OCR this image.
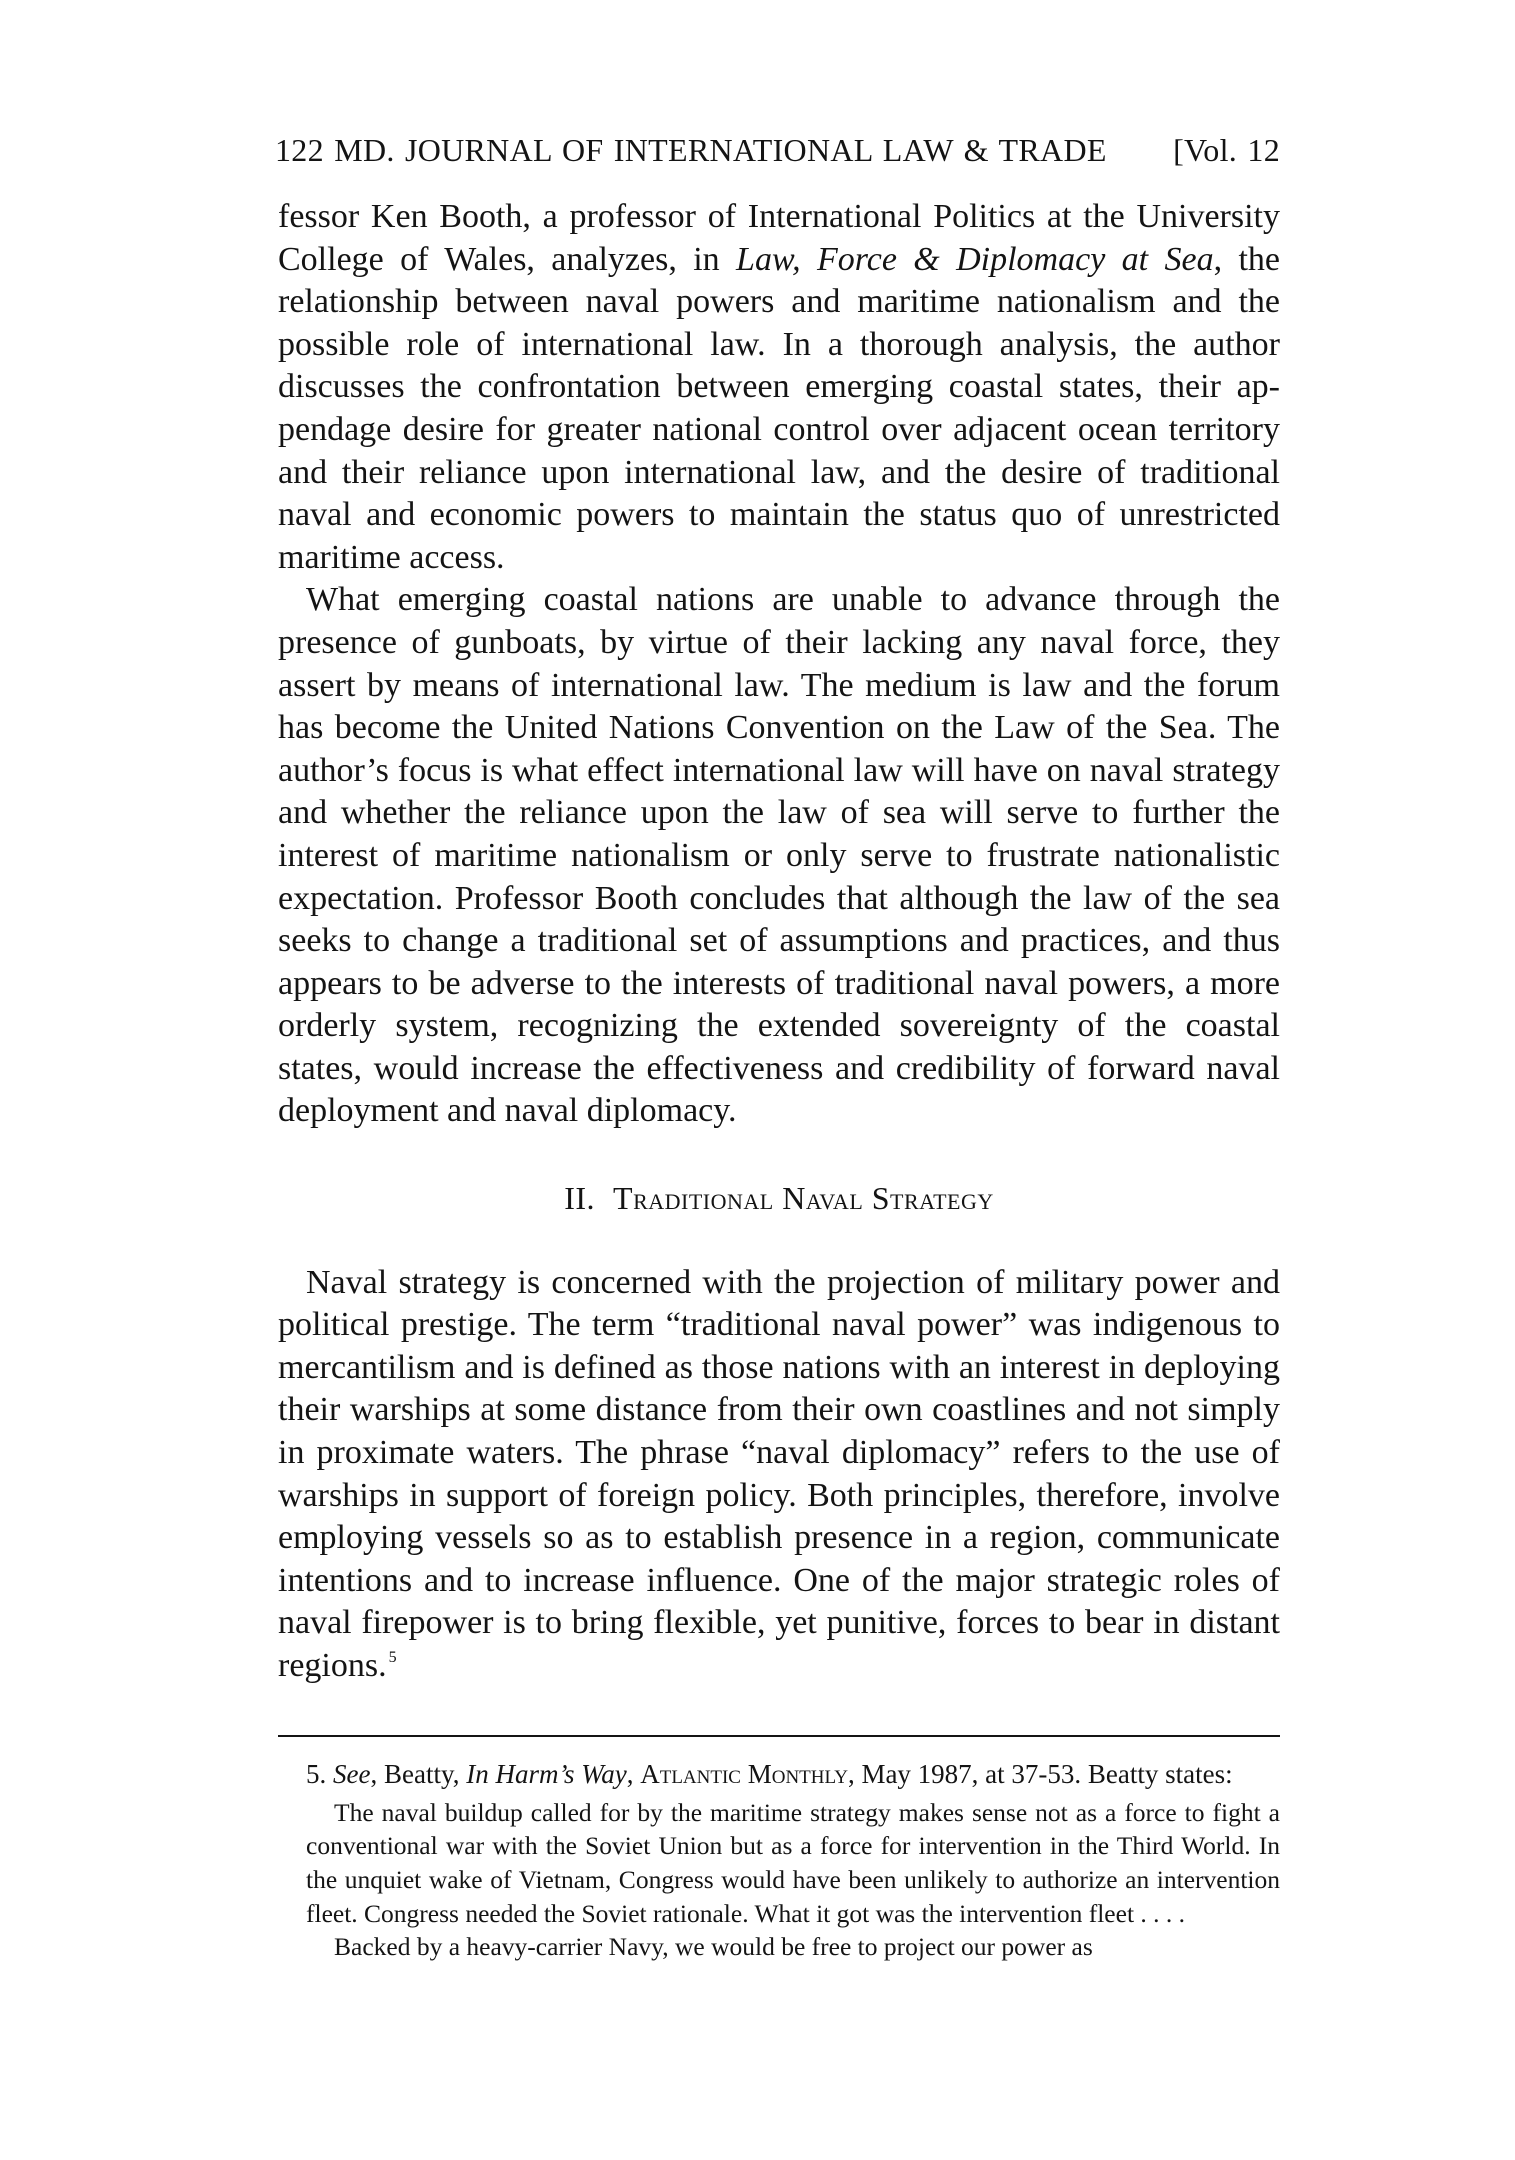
122 MD. JOURNAL OF INTERNATIONAL LAW & TRADE [Vol. 12

fessor Ken Booth, a professor of International Politics at the University College of Wales, analyzes, in Law, Force & Diplomacy at Sea, the relationship between naval powers and maritime nationalism and the possible role of international law. In a thorough analysis, the author discusses the confrontation between emerging coastal states, their appendage desire for greater national control over adjacent ocean territory and their reliance upon international law, and the desire of traditional naval and economic powers to maintain the status quo of unrestricted maritime access.

What emerging coastal nations are unable to advance through the presence of gunboats, by virtue of their lacking any naval force, they assert by means of international law. The medium is law and the forum has become the United Nations Convention on the Law of the Sea. The author’s focus is what effect international law will have on naval strategy and whether the reliance upon the law of sea will serve to further the interest of maritime nationalism or only serve to frustrate nationalistic expectation. Professor Booth concludes that although the law of the sea seeks to change a traditional set of assumptions and practices, and thus appears to be adverse to the interests of traditional naval powers, a more orderly system, recognizing the extended sovereignty of the coastal states, would increase the effectiveness and credibility of forward naval deployment and naval diplomacy.

II. Traditional Naval Strategy

Naval strategy is concerned with the projection of military power and political prestige. The term “traditional naval power” was indigenous to mercantilism and is defined as those nations with an interest in deploying their warships at some distance from their own coastlines and not simply in proximate waters. The phrase “naval diplomacy” refers to the use of warships in support of foreign policy. Both principles, therefore, involve employing vessels so as to establish presence in a region, communicate intentions and to increase influence. One of the major strategic roles of naval firepower is to bring flexible, yet punitive, forces to bear in distant regions. $^5$

5. See, Beatty, In Harm’s Way, Atlantic Monthly, May 1987, at 37-53. Beatty states:

The naval buildup called for by the maritime strategy makes sense not as a force to fight a conventional war with the Soviet Union but as a force for intervention in the Third World. In the unquiet wake of Vietnam, Congress would have been unlikely to authorize an intervention fleet. Congress needed the Soviet rationale. What it got was the intervention fleet . . . .

Backed by a heavy-carrier Navy, we would be free to project our power as
